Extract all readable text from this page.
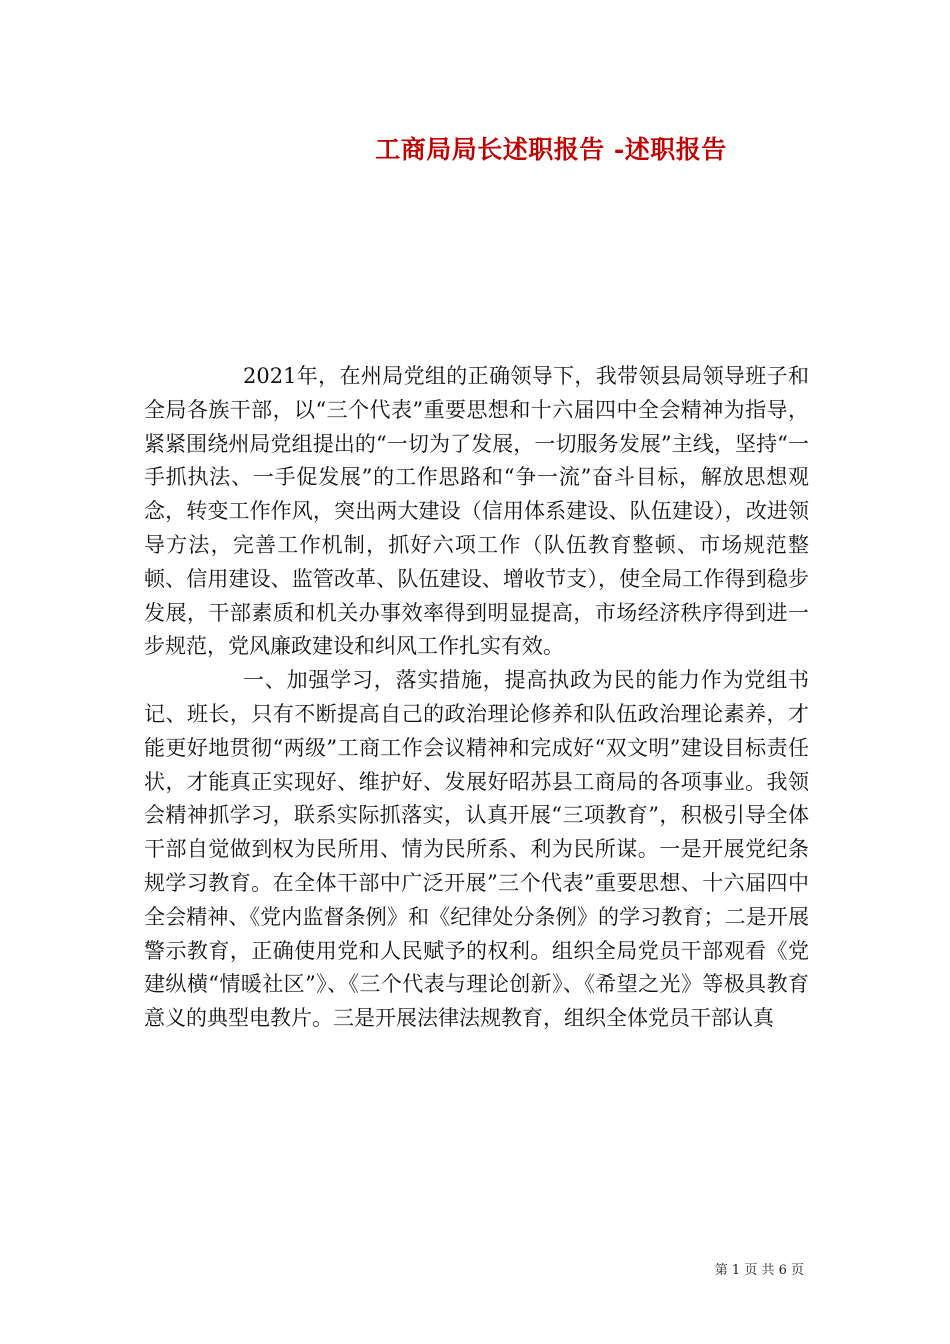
工商局局长述职报告 -述职报告

2021年，在州局党组的正确领导下，我带领县局领导班子和全局各族干部，以“三个代表”重要思想和十六届四中全会精神为指导，紧紧围绕州局党组提出的“一切为了发展，一切服务发展”主线，坚持“一手抓执法、一手促发展”的工作思路和“争一流”奋斗目标，解放思想观念，转变工作作风，突出两大建设（信用体系建设、队伍建设），改进领导方法，完善工作机制，抓好六项工作（队伍教育整顿、市场规范整顿、信用建设、监管改革、队伍建设、增收节支），使全局工作得到稳步发展，干部素质和机关办事效率得到明显提高，市场经济秩序得到进一步规范，党风廉政建设和纠风工作扎实有效。

一、加强学习，落实措施，提高执政为民的能力作为党组书记、班长，只有不断提高自己的政治理论修养和队伍政治理论素养，才能更好地贯彻“两级”工商工作会议精神和完成好“双文明”建设目标责任状，才能真正实现好、维护好、发展好昭苏县工商局的各项事业。我领会精神抓学习，联系实际抓落实，认真开展“三项教育”，积极引导全体干部自觉做到权为民所用、情为民所系、利为民所谋。一是开展党纪条规学习教育。在全体干部中广泛开展”三个代表”重要思想、十六届四中全会精神、《党内监督条例》和《纪律处分条例》的学习教育；二是开展警示教育，正确使用党和人民赋予的权利。组织全局党员干部观看《党建纵横“情暖社区”》、《三个代表与理论创新》、《希望之光》等极具教育意义的典型电教片。三是开展法律法规教育，组织全体党员干部认真

第 1 页 共 6 页
